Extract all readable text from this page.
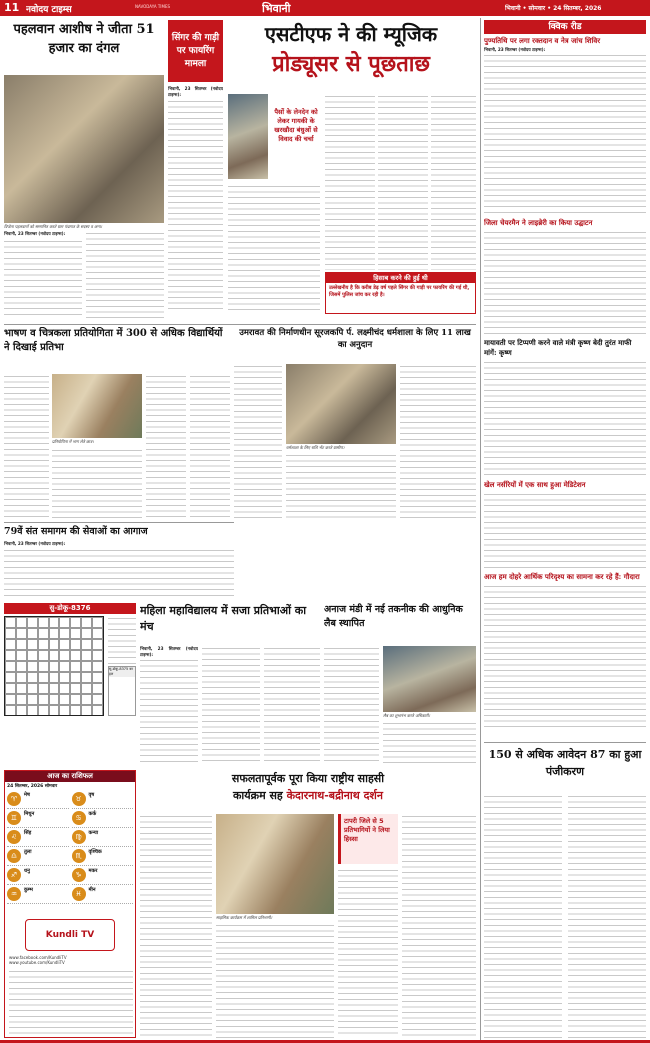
11 नवोदय टाइम्स	NAVODAYA TIMES	भिवानी	भिवानी • सोमवार • 24 सितम्बर, 2026
पहलवान आशीष ने जीता 51 हजार का दंगल
विजेता पहलवानों को सम्मानित करते ग्राम पंचायत के सदस्य व अन्य।
भिवानी, 23 सितम्बर (नवोदय टाइम्स):
सिंगर की गाड़ी पर फायरिंग मामला
भिवानी, 23 सितम्बर (नवोदय टाइम्स):
एसटीएफ ने की म्यूजिक
प्रोड्यूसर से पूछताछ
पैसों के लेनदेन को लेकर गायकी के खरखौदा बंधुओं से विवाद की चर्चा
हिसाब करने की हुई थी
उल्लेखनीय है कि करीब डेढ़ वर्ष पहले सिंगर की गाड़ी पर फायरिंग की गई थी, जिसमें पुलिस जांच कर रही है।
भाषण व चित्रकला प्रतियोगिता में 300 से अधिक विद्यार्थियों ने दिखाई प्रतिभा
प्रतियोगिता में भाग लेते छात्र।
उमरावत की निर्माणधीन सूरजकपि र्प. लक्ष्मीचंद धर्मशाला के लिए 11 लाख का अनुदान
धर्मशाला के लिए राशि भेंट करते ग्रामीण।
79वें संत समागम की सेवाओं का आगाज
भिवानी, 23 सितम्बर (नवोदय टाइम्स):
सु-डोकू-8376
सु-डोकू-8375 का हल
महिला महाविद्यालय में सजा प्रतिभाओं का मंच
भिवानी, 23 सितम्बर (नवोदय टाइम्स):
अनाज मंडी में नई तकनीक की आधुनिक लैब स्थापित
लैब का शुभारंभ करते अधिकारी।
आज का राशिफल
24 सितम्बर, 2026 सोमवार
♈	मेष	♉	वृष
♊	मिथुन	♋	कर्क
♌	सिंह	♍	कन्या
♎	तुला	♏	वृश्चिक
♐	धनु	♑	मकर
♒	कुम्भ	♓	मीन
Kundli TV
www.facebook.com/KundliTV
www.youtube.com/KundliTV
सफलतापूर्वक पूरा किया राष्ट्रीय साहसी
कार्यक्रम सह केदारनाथ-बद्रीनाथ दर्शन
साहसिक कार्यक्रम में शामिल प्रतिभागी।
टापरी जिले से 5 प्रतिभागियों ने लिया हिस्सा
क्विक रीड
पुण्यतिथि पर लगा रक्तदान व नेत्र जांच शिविर
भिवानी, 23 सितम्बर (नवोदय टाइम्स):
जिला चेयरमैन ने लाइब्रेरी का किया उद्घाटन
मायावती पर टिप्पणी करने वाले मंत्री कृष्ण बेदी तुरंत माफी मांगें: कृष्ण
खेल नर्सरियों में एक साथ हुआ मेडिटेशन
आज हम दोहरे आर्थिक परिदृश्य का सामना कर रहे हैं: गौदारा
150 से अधिक आवेदन 87 का हुआ पंजीकरण
